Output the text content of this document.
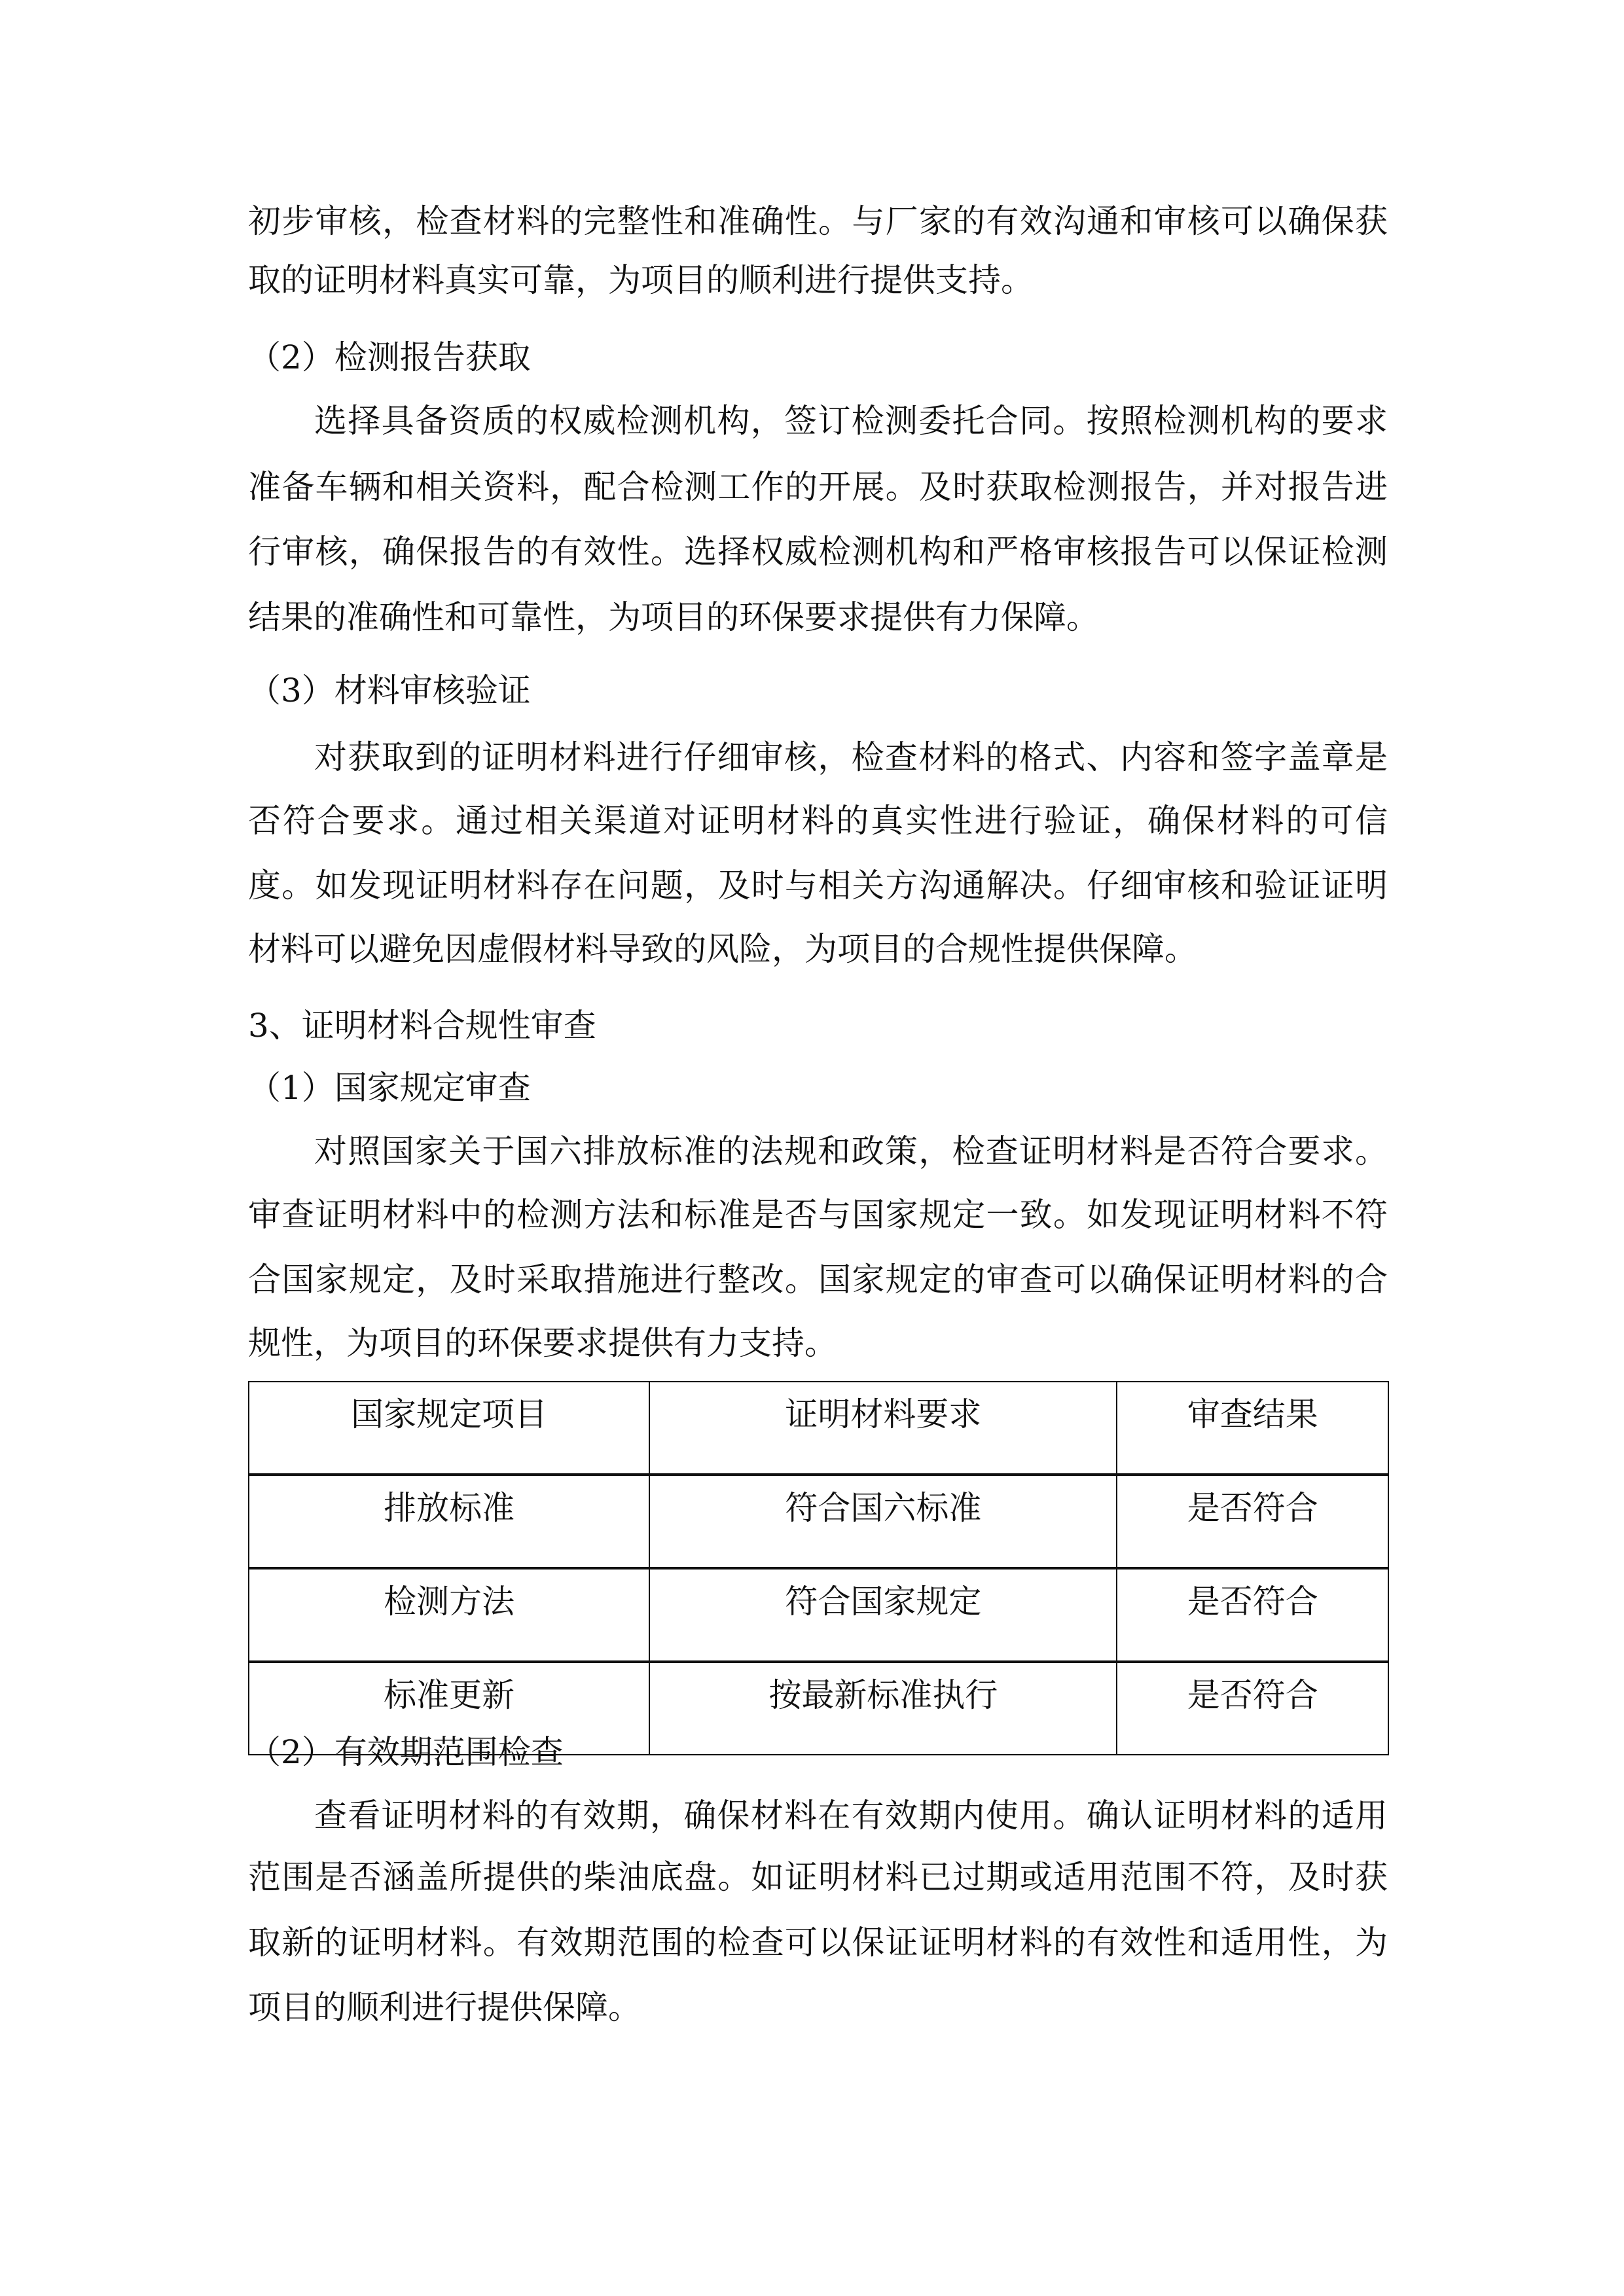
初步审核，检查材料的完整性和准确性。与厂家的有效沟通和审核可以确保获
取的证明材料真实可靠，为项目的顺利进行提供支持。
（2）检测报告获取
选择具备资质的权威检测机构，签订检测委托合同。按照检测机构的要求
准备车辆和相关资料，配合检测工作的开展。及时获取检测报告，并对报告进
行审核，确保报告的有效性。选择权威检测机构和严格审核报告可以保证检测
结果的准确性和可靠性，为项目的环保要求提供有力保障。
（3）材料审核验证
对获取到的证明材料进行仔细审核，检查材料的格式、内容和签字盖章是
否符合要求。通过相关渠道对证明材料的真实性进行验证，确保材料的可信
度。如发现证明材料存在问题，及时与相关方沟通解决。仔细审核和验证证明
材料可以避免因虚假材料导致的风险，为项目的合规性提供保障。
3、证明材料合规性审查
（1）国家规定审查
对照国家关于国六排放标准的法规和政策，检查证明材料是否符合要求。
审查证明材料中的检测方法和标准是否与国家规定一致。如发现证明材料不符
合国家规定，及时采取措施进行整改。国家规定的审查可以确保证明材料的合
规性，为项目的环保要求提供有力支持。
（2）有效期范围检查
查看证明材料的有效期，确保材料在有效期内使用。确认证明材料的适用
范围是否涵盖所提供的柴油底盘。如证明材料已过期或适用范围不符，及时获
取新的证明材料。有效期范围的检查可以保证证明材料的有效性和适用性，为
项目的顺利进行提供保障。
国家规定项目	证明材料要求	审查结果
排放标准	符合国六标准	是否符合
检测方法	符合国家规定	是否符合
标准更新	按最新标准执行	是否符合
